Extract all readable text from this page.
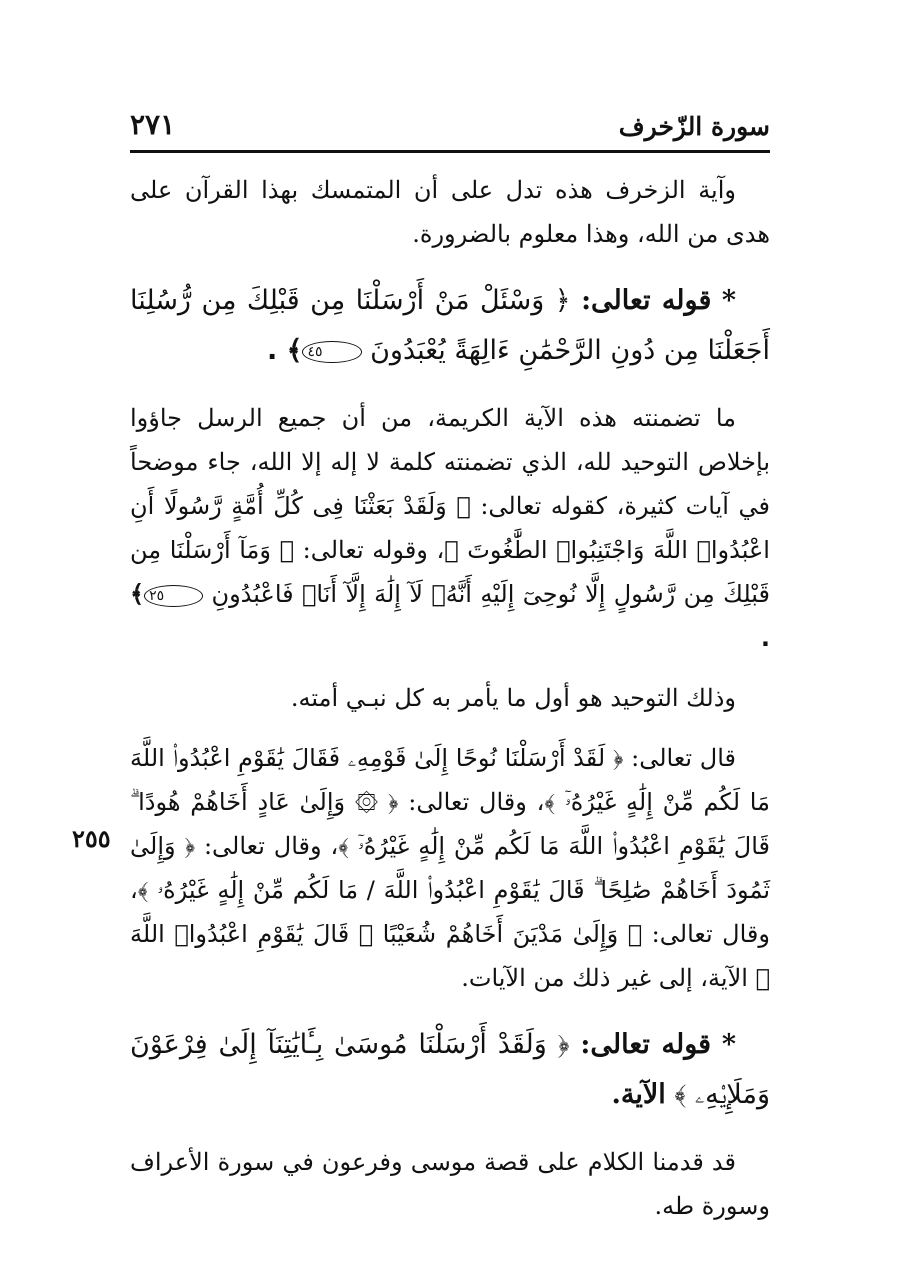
سورة الزّخرف
٢٧١
٢٥٥

وآية الزخرف هذه تدل على أن المتمسك بهذا القرآن على هدى من الله، وهذا معلوم بالضرورة.

* قوله تعالى: ﴿ وَسْئَلْ مَنْ أَرْسَلْنَا مِن قَبْلِكَ مِن رُّسُلِنَا أَجَعَلْنَا مِن دُونِ الرَّحْمَٰنِ ءَالِهَةً يُعْبَدُونَ ٤٥﴾ .

ما تضمنته هذه الآية الكريمة، من أن جميع الرسل جاؤوا بإخلاص التوحيد لله، الذي تضمنته كلمة لا إله إلا الله، جاء موضحاً في آيات كثيرة، كقوله تعالى: ﴿ وَلَقَدْ بَعَثْنَا فِى كُلِّ أُمَّةٍ رَّسُولًا أَنِ اعْبُدُوا۟ اللَّهَ وَاجْتَنِبُوا۟ الطَّٰغُوتَ ﴾، وقوله تعالى: ﴿ وَمَآ أَرْسَلْنَا مِن قَبْلِكَ مِن رَّسُولٍ إِلَّا نُوحِىٓ إِلَيْهِ أَنَّهُۥ لَآ إِلَٰهَ إِلَّآ أَنَا۠ فَاعْبُدُونِ ٢٥﴾ .

وذلك التوحيد هو أول ما يأمر به كل نبـي أمته.

قال تعالى: ﴿ لَقَدْ أَرْسَلْنَا نُوحًا إِلَىٰ قَوْمِهِۦ فَقَالَ يَٰقَوْمِ اعْبُدُوا۟ اللَّهَ مَا لَكُم مِّنْ إِلَٰهٍ غَيْرُهُۥٓ ﴾، وقال تعالى: ﴿ ۞ وَإِلَىٰ عَادٍ أَخَاهُمْ هُودًا ۗ قَالَ يَٰقَوْمِ اعْبُدُوا۟ اللَّهَ مَا لَكُم مِّنْ إِلَٰهٍ غَيْرُهُۥٓ ﴾، وقال تعالى: ﴿ وَإِلَىٰ ثَمُودَ أَخَاهُمْ صَٰلِحًا ۗ قَالَ يَٰقَوْمِ اعْبُدُوا۟ اللَّهَ / مَا لَكُم مِّنْ إِلَٰهٍ غَيْرُهُۥ ﴾، وقال تعالى: ﴿ وَإِلَىٰ مَدْيَنَ أَخَاهُمْ شُعَيْبًا ۗ قَالَ يَٰقَوْمِ اعْبُدُوا۟ اللَّهَ ﴾ الآية، إلى غير ذلك من الآيات.

* قوله تعالى: ﴿ وَلَقَدْ أَرْسَلْنَا مُوسَىٰ بِـَٔايَٰتِنَآ إِلَىٰ فِرْعَوْنَ وَمَلَإِي۟هِۦ ﴾ الآية.

قد قدمنا الكلام على قصة موسى وفرعون في سورة الأعراف وسورة طه.
